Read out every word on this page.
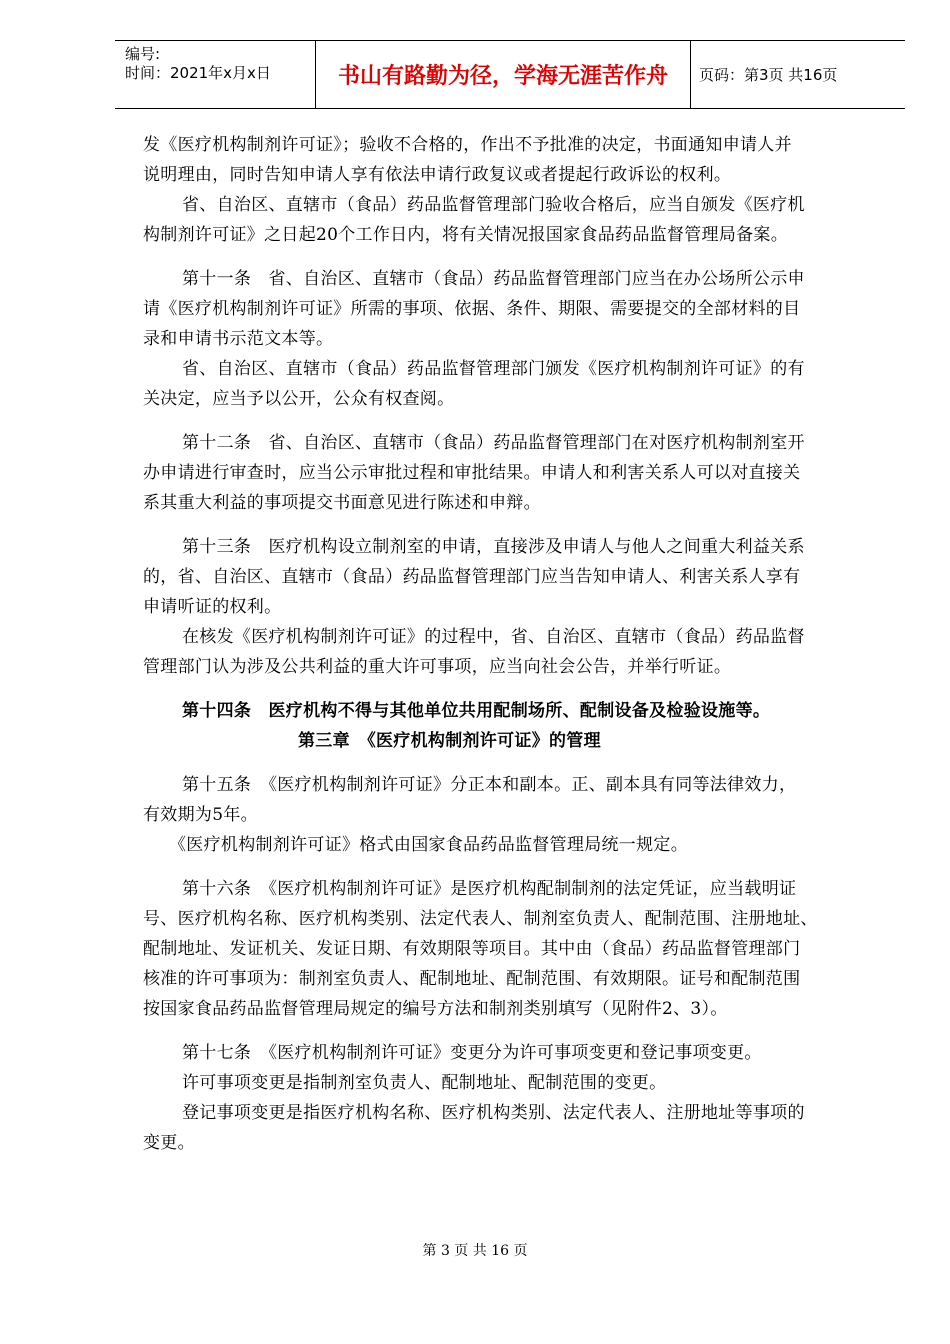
编号:
时间：2021年x月x日	书山有路勤为径，学海无涯苦作舟	页码：第3页 共16页
发《医疗机构制剂许可证》；验收不合格的，作出不予批准的决定，书面通知申请人并
说明理由，同时告知申请人享有依法申请行政复议或者提起行政诉讼的权利。
省、自治区、直辖市（食品）药品监督管理部门验收合格后，应当自颁发《医疗机
构制剂许可证》之日起20个工作日内，将有关情况报国家食品药品监督管理局备案。
第十一条　省、自治区、直辖市（食品）药品监督管理部门应当在办公场所公示申
请《医疗机构制剂许可证》所需的事项、依据、条件、期限、需要提交的全部材料的目
录和申请书示范文本等。
省、自治区、直辖市（食品）药品监督管理部门颁发《医疗机构制剂许可证》的有
关决定，应当予以公开，公众有权查阅。
第十二条　省、自治区、直辖市（食品）药品监督管理部门在对医疗机构制剂室开
办申请进行审查时，应当公示审批过程和审批结果。申请人和利害关系人可以对直接关
系其重大利益的事项提交书面意见进行陈述和申辩。
第十三条　医疗机构设立制剂室的申请，直接涉及申请人与他人之间重大利益关系
的，省、自治区、直辖市（食品）药品监督管理部门应当告知申请人、利害关系人享有
申请听证的权利。
在核发《医疗机构制剂许可证》的过程中，省、自治区、直辖市（食品）药品监督
管理部门认为涉及公共利益的重大许可事项，应当向社会公告，并举行听证。
第十四条　医疗机构不得与其他单位共用配制场所、配制设备及检验设施等。
第三章　《医疗机构制剂许可证》的管理
第十五条　《医疗机构制剂许可证》分正本和副本。正、副本具有同等法律效力，
有效期为5年。
《医疗机构制剂许可证》格式由国家食品药品监督管理局统一规定。
第十六条　《医疗机构制剂许可证》是医疗机构配制制剂的法定凭证，应当载明证
号、医疗机构名称、医疗机构类别、法定代表人、制剂室负责人、配制范围、注册地址、
配制地址、发证机关、发证日期、有效期限等项目。其中由（食品）药品监督管理部门
核准的许可事项为：制剂室负责人、配制地址、配制范围、有效期限。证号和配制范围
按国家食品药品监督管理局规定的编号方法和制剂类别填写（见附件2、3）。
第十七条　《医疗机构制剂许可证》变更分为许可事项变更和登记事项变更。
许可事项变更是指制剂室负责人、配制地址、配制范围的变更。
登记事项变更是指医疗机构名称、医疗机构类别、法定代表人、注册地址等事项的
变更。
第 3 页 共 16 页
